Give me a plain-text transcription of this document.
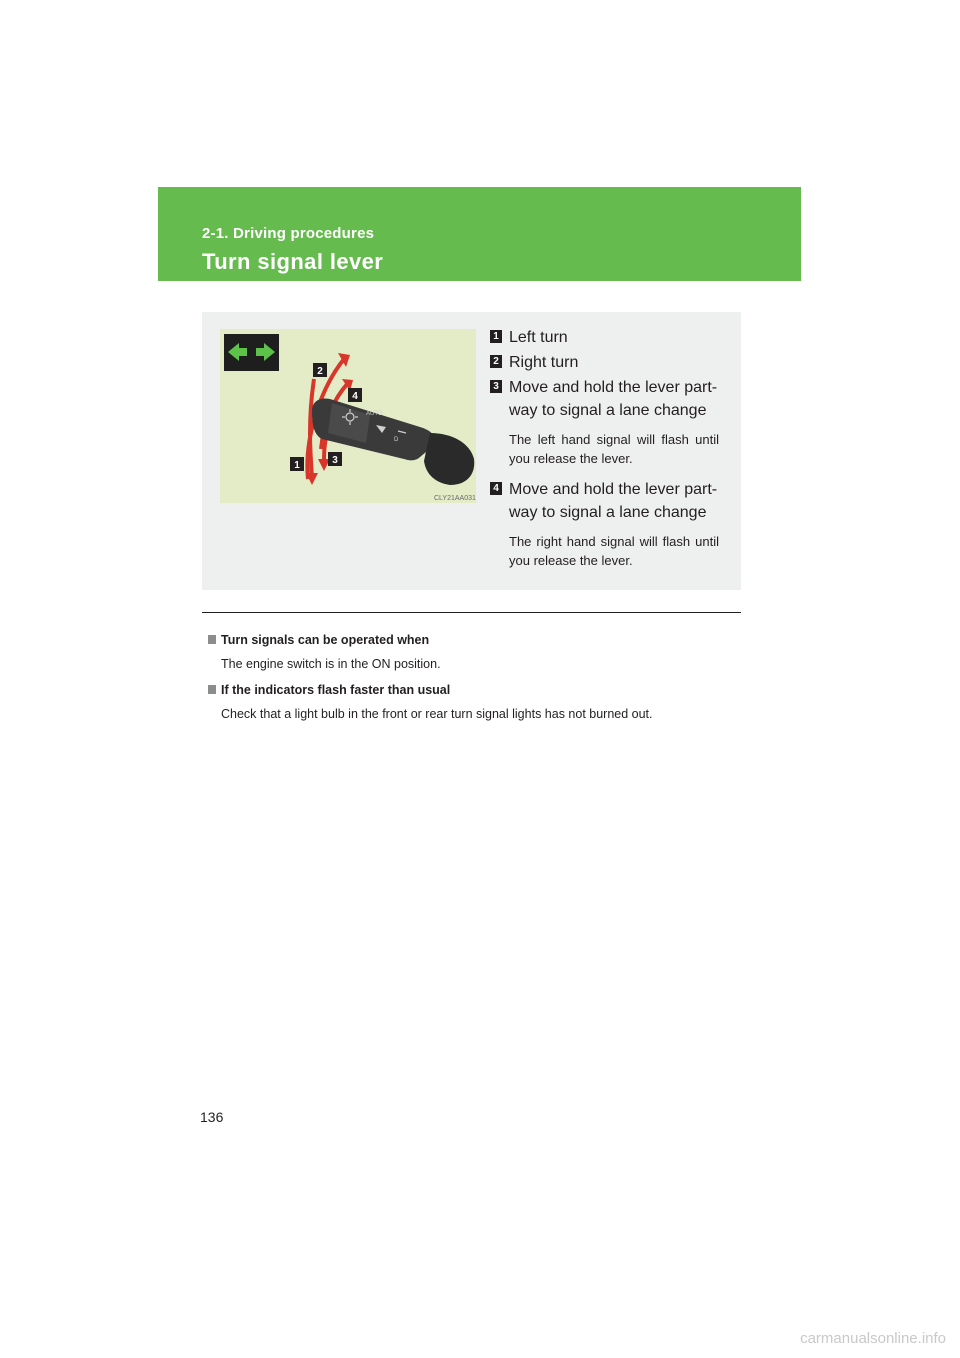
2-1. Driving procedures
Turn signal lever
AUTO
D
2
4
1	3
CLY21AA031
1 Left turn
2 Right turn
3 Move and hold the lever part-way to signal a lane change
The left hand signal will flash until you release the lever.
4 Move and hold the lever part-way to signal a lane change
The right hand signal will flash until you release the lever.
Turn signals can be operated when
The engine switch is in the ON position.
If the indicators flash faster than usual
Check that a light bulb in the front or rear turn signal lights has not burned out.
136
carmanualsonline.info
